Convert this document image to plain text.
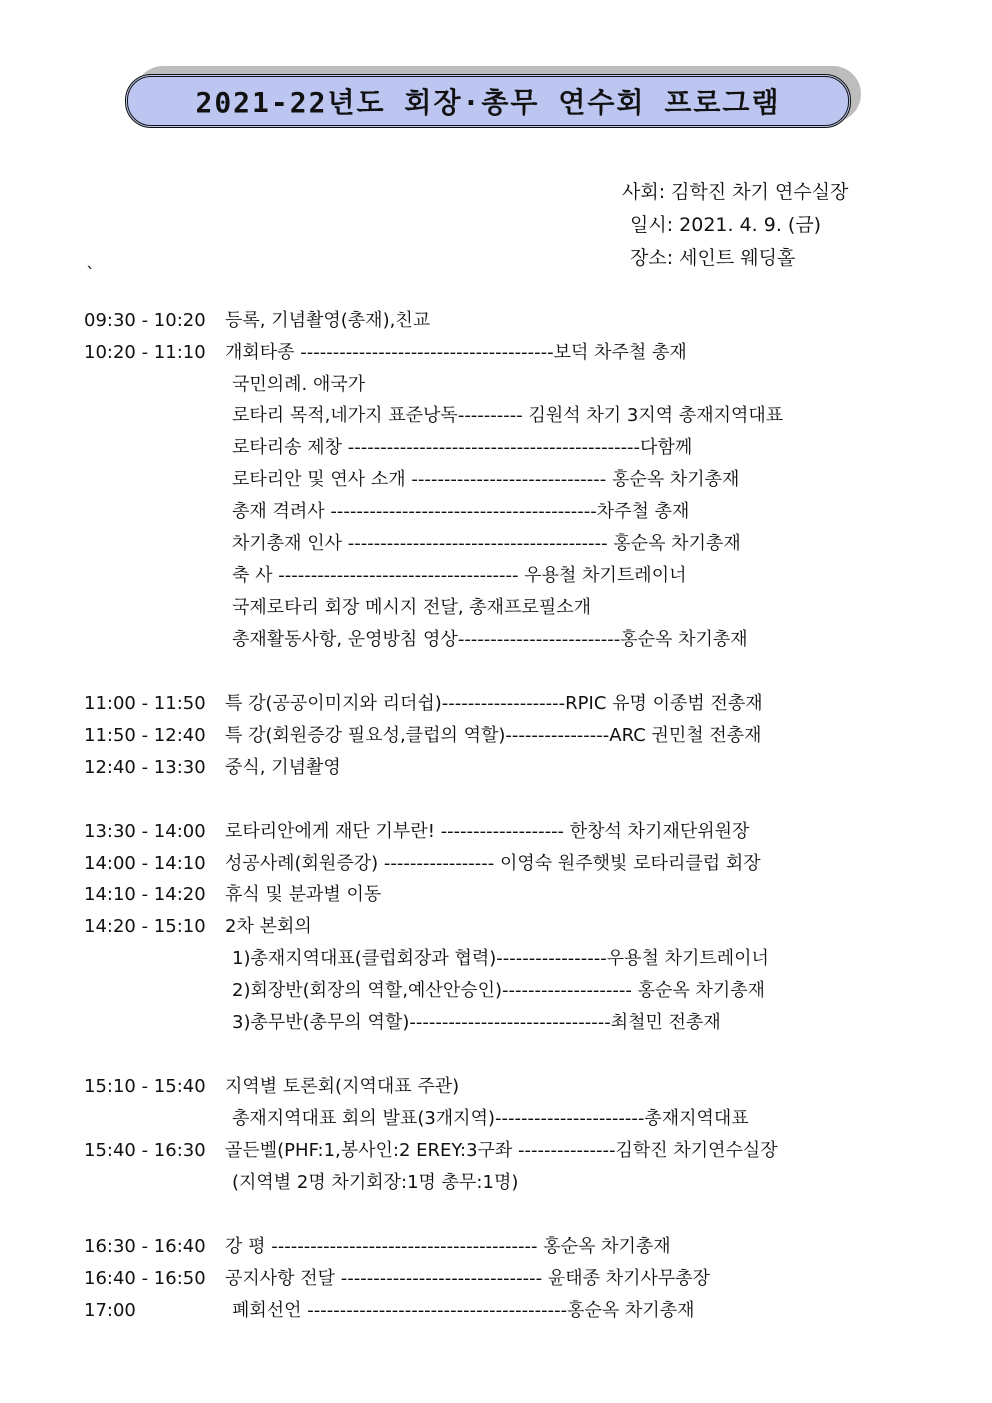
2021-22년도 회장·총무 연수회 프로그램
사회: 김학진 차기 연수실장
일시: 2021. 4. 9. (금)
장소: 세인트 웨딩홀
`
09:30 - 10:20 등록, 기념촬영(총재),친교
10:20 - 11:10 개회타종 ---------------------------------------보덕 차주철 총재
국민의례. 애국가
로타리 목적,네가지 표준낭독---------- 김원석 차기 3지역 총재지역대표
로타리송 제창 ---------------------------------------------다함께
로타리안 및 연사 소개 ------------------------------ 홍순옥 차기총재
총재 격려사 -----------------------------------------차주철 총재
차기총재 인사 ---------------------------------------- 홍순옥 차기총재
축 사 ------------------------------------- 우용철 차기트레이너
국제로타리 회장 메시지 전달, 총재프로필소개
총재활동사항, 운영방침 영상-------------------------홍순옥 차기총재
11:00 - 11:50 특 강(공공이미지와 리더쉽)-------------------RPIC 유명 이종범 전총재
11:50 - 12:40 특 강(회원증강 필요성,클럽의 역할)----------------ARC 권민철 전총재
12:40 - 13:30 중식, 기념촬영
13:30 - 14:00 로타리안에게 재단 기부란! ------------------- 한창석 차기재단위원장
14:00 - 14:10 성공사례(회원증강) ----------------- 이영숙 원주햇빛 로타리클럽 회장
14:10 - 14:20 휴식 및 분과별 이동
14:20 - 15:10 2차 본회의
1)총재지역대표(클럽회장과 협력)-----------------우용철 차기트레이너
2)회장반(회장의 역할,예산안승인)-------------------- 홍순옥 차기총재
3)총무반(총무의 역할)-------------------------------최철민 전총재
15:10 - 15:40 지역별 토론회(지역대표 주관)
총재지역대표 회의 발표(3개지역)-----------------------총재지역대표
15:40 - 16:30 골든벨(PHF:1,봉사인:2 EREY:3구좌 ---------------김학진 차기연수실장
(지역별 2명 차기회장:1명 총무:1명)
16:30 - 16:40 강 평 ----------------------------------------- 홍순옥 차기총재
16:40 - 16:50 공지사항 전달 ------------------------------- 윤태종 차기사무총장
17:00	폐회선언 ----------------------------------------홍순옥 차기총재
